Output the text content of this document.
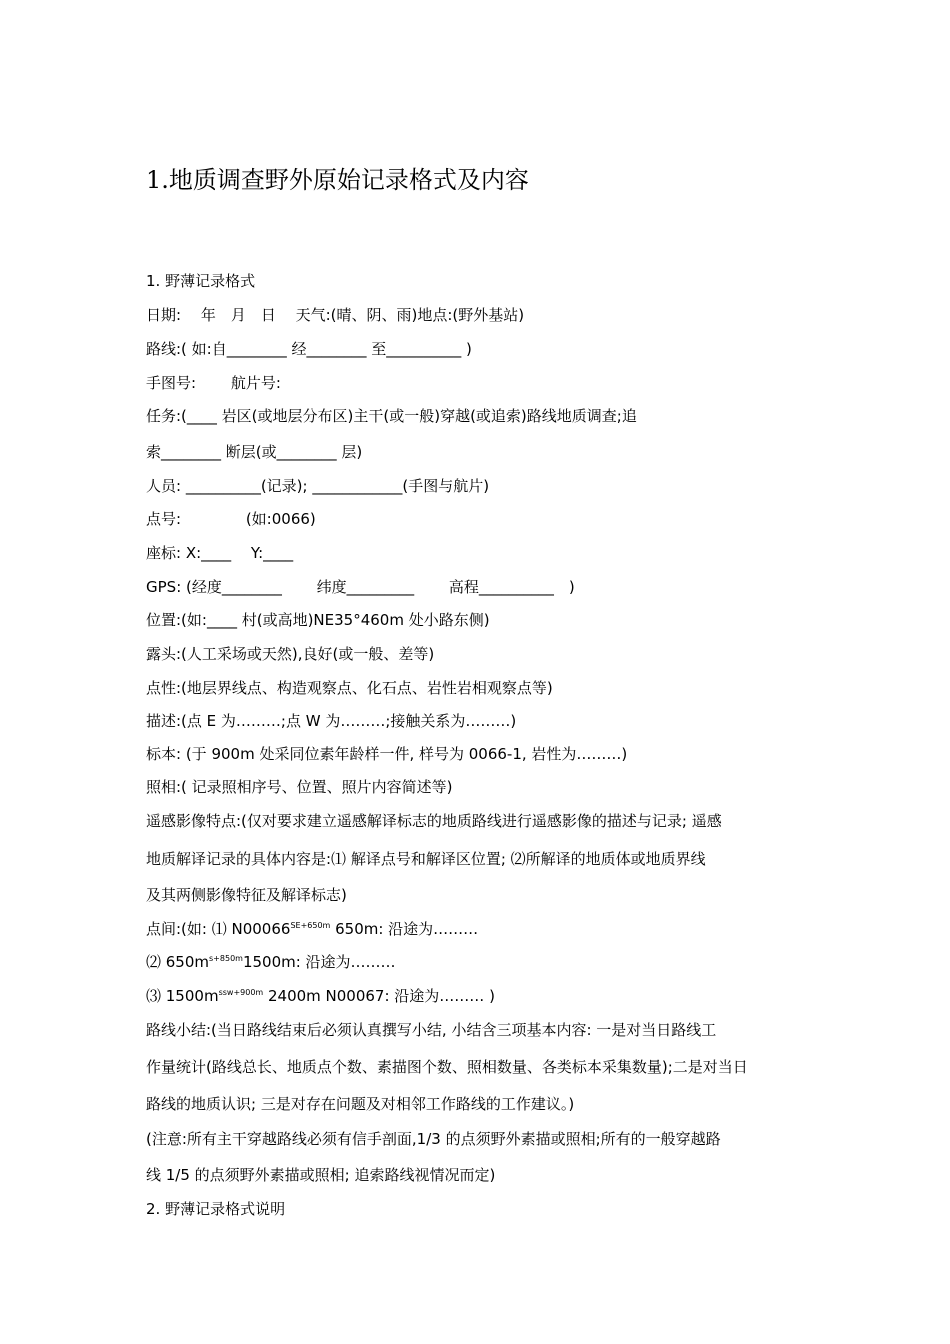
1.地质调查野外原始记录格式及内容
1. 野薄记录格式
日期:　 年　月　日　 天气:(晴、阴、雨)地点:(野外基站)
路线:( 如:自________ 经________ 至__________ )
手图号:　　 航片号:
任务:(____ 岩区(或地层分布区)主干(或一般)穿越(或追索)路线地质调查;追
索________ 断层(或________ 层)
人员: __________(记录); ____________(手图与航片)
点号:　　　　 (如:0066)
座标: X:____　 Y:____
GPS: (经度________　　 纬度_________　　 高程__________　)
位置:(如:____ 村(或高地)NE35°460m 处小路东侧)
露头:(人工采场或天然),良好(或一般、差等)
点性:(地层界线点、构造观察点、化石点、岩性岩相观察点等)
描述:(点 E 为………;点 W 为………;接触关系为………)
标本: (于 900m 处采同位素年龄样一件, 样号为 0066-1, 岩性为………)
照相:( 记录照相序号、位置、照片内容简述等)
遥感影像特点:(仅对要求建立遥感解译标志的地质路线进行遥感影像的描述与记录; 遥感
地质解译记录的具体内容是:⑴ 解译点号和解译区位置; ⑵所解译的地质体或地质界线
及其两侧影像特征及解译标志)
点间:(如: ⑴ $N00066^{SE+650m}$ 650m: 沿途为………
⑵ $650m^{s+850m}1500m$: 沿途为………
⑶ $1500m^{ssw+900m}$ 2400m N00067: 沿途为……… )
路线小结:(当日路线结束后必须认真撰写小结, 小结含三项基本内容: 一是对当日路线工
作量统计(路线总长、地质点个数、素描图个数、照相数量、各类标本采集数量);二是对当日
路线的地质认识; 三是对存在问题及对相邻工作路线的工作建议。)
(注意:所有主干穿越路线必须有信手剖面,1/3 的点须野外素描或照相;所有的一般穿越路
线 1/5 的点须野外素描或照相; 追索路线视情况而定)
2. 野薄记录格式说明
